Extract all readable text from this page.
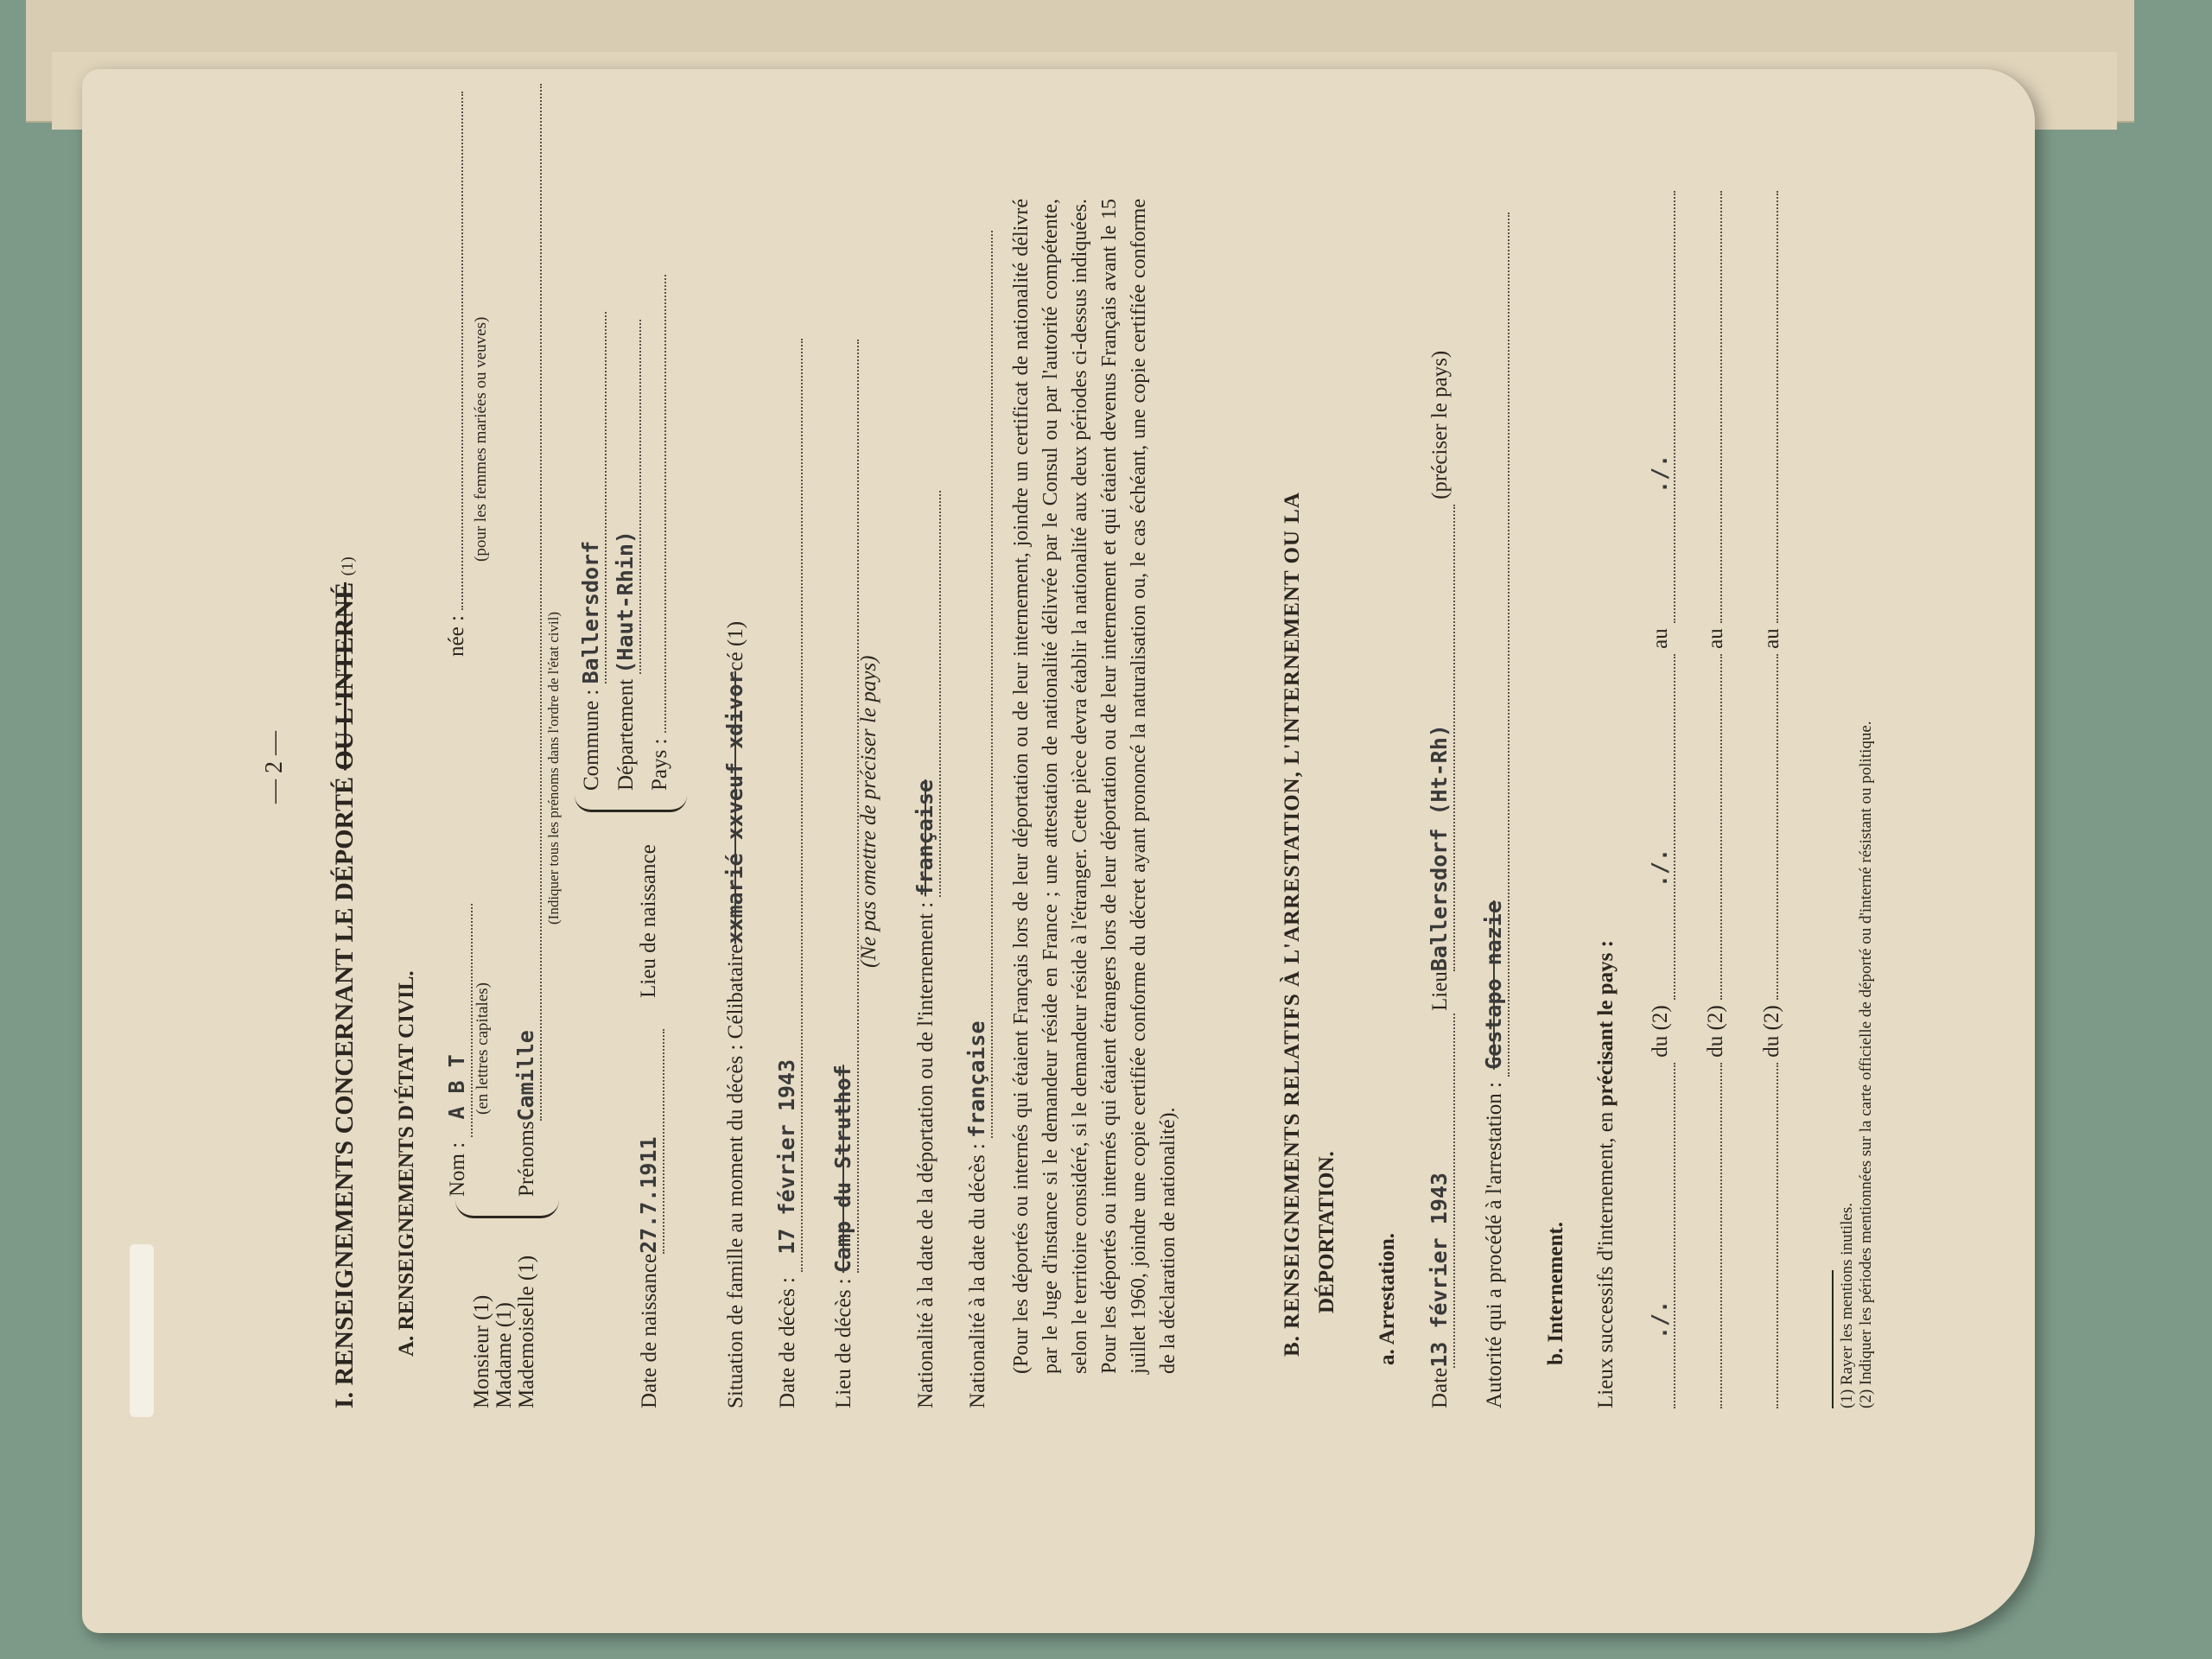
— 2 —
I. RENSEIGNEMENTS CONCERNANT LE DÉPORTÉ OU L'INTERNÉ (1)
A. RENSEIGNEMENTS D'ÉTAT CIVIL. Monsieur (1) Madame (1) Mademoiselle (1)
Nom : A B T (en lettres capitales)
née :
(pour les femmes mariées ou veuves)
PrénomsCamille
(Indiquer tous les prénoms dans l'ordre de l'état civil)
Date de naissance27.7.1911
Lieu de naissance
Commune : Ballersdorf
Département (Haut-Rhin)
Pays :
Situation de famille au moment du décès : Célibatairexxmarié xxveuf xdivorcé (1)
Date de décès : 17 février 1943
Lieu de décès : Camp du Struthof
(Ne pas omettre de préciser le pays)
Nationalité à la date de la déportation ou de l'internement : française
Nationalité à la date du décès : française (Pour les déportés ou internés qui étaient Français lors de leur déportation ou de leur internement, joindre un certificat de nationalité délivré par le Juge d'instance si le demandeur réside en France ; une attestation de nationalité délivrée par le Consul ou par l'autorité compétente, selon le territoire considéré, si le demandeur réside à l'étranger. Cette pièce devra établir la nationalité aux deux périodes ci-dessus indiquées. Pour les déportés ou internés qui étaient étrangers lors de leur déportation ou de leur internement et qui étaient devenus Français avant le 15 juillet 1960, joindre une copie certifiée conforme du décret ayant prononcé la naturalisation ou, le cas échéant, une copie certifiée conforme de la déclaration de nationalité).	B. RENSEIGNEMENTS RELATIFS À L'ARRESTATION, L'INTERNEMENT OU LA DÉPORTATION. a. Arrestation.
Date13 février 1943
LieuBallersdorf (Ht-Rh) (préciser le pays)
Autorité qui a procédé à l'arrestation : Gestapo nazie
b. Internement. Lieux successifs d'internement, en précisant le pays :
./. du (2) ./. au ./.
du (2)  au
du (2)  au
(1) Rayer les mentions inutiles. (2) Indiquer les périodes mentionnées sur la carte officielle de déporté ou d'interné résistant ou politique.
